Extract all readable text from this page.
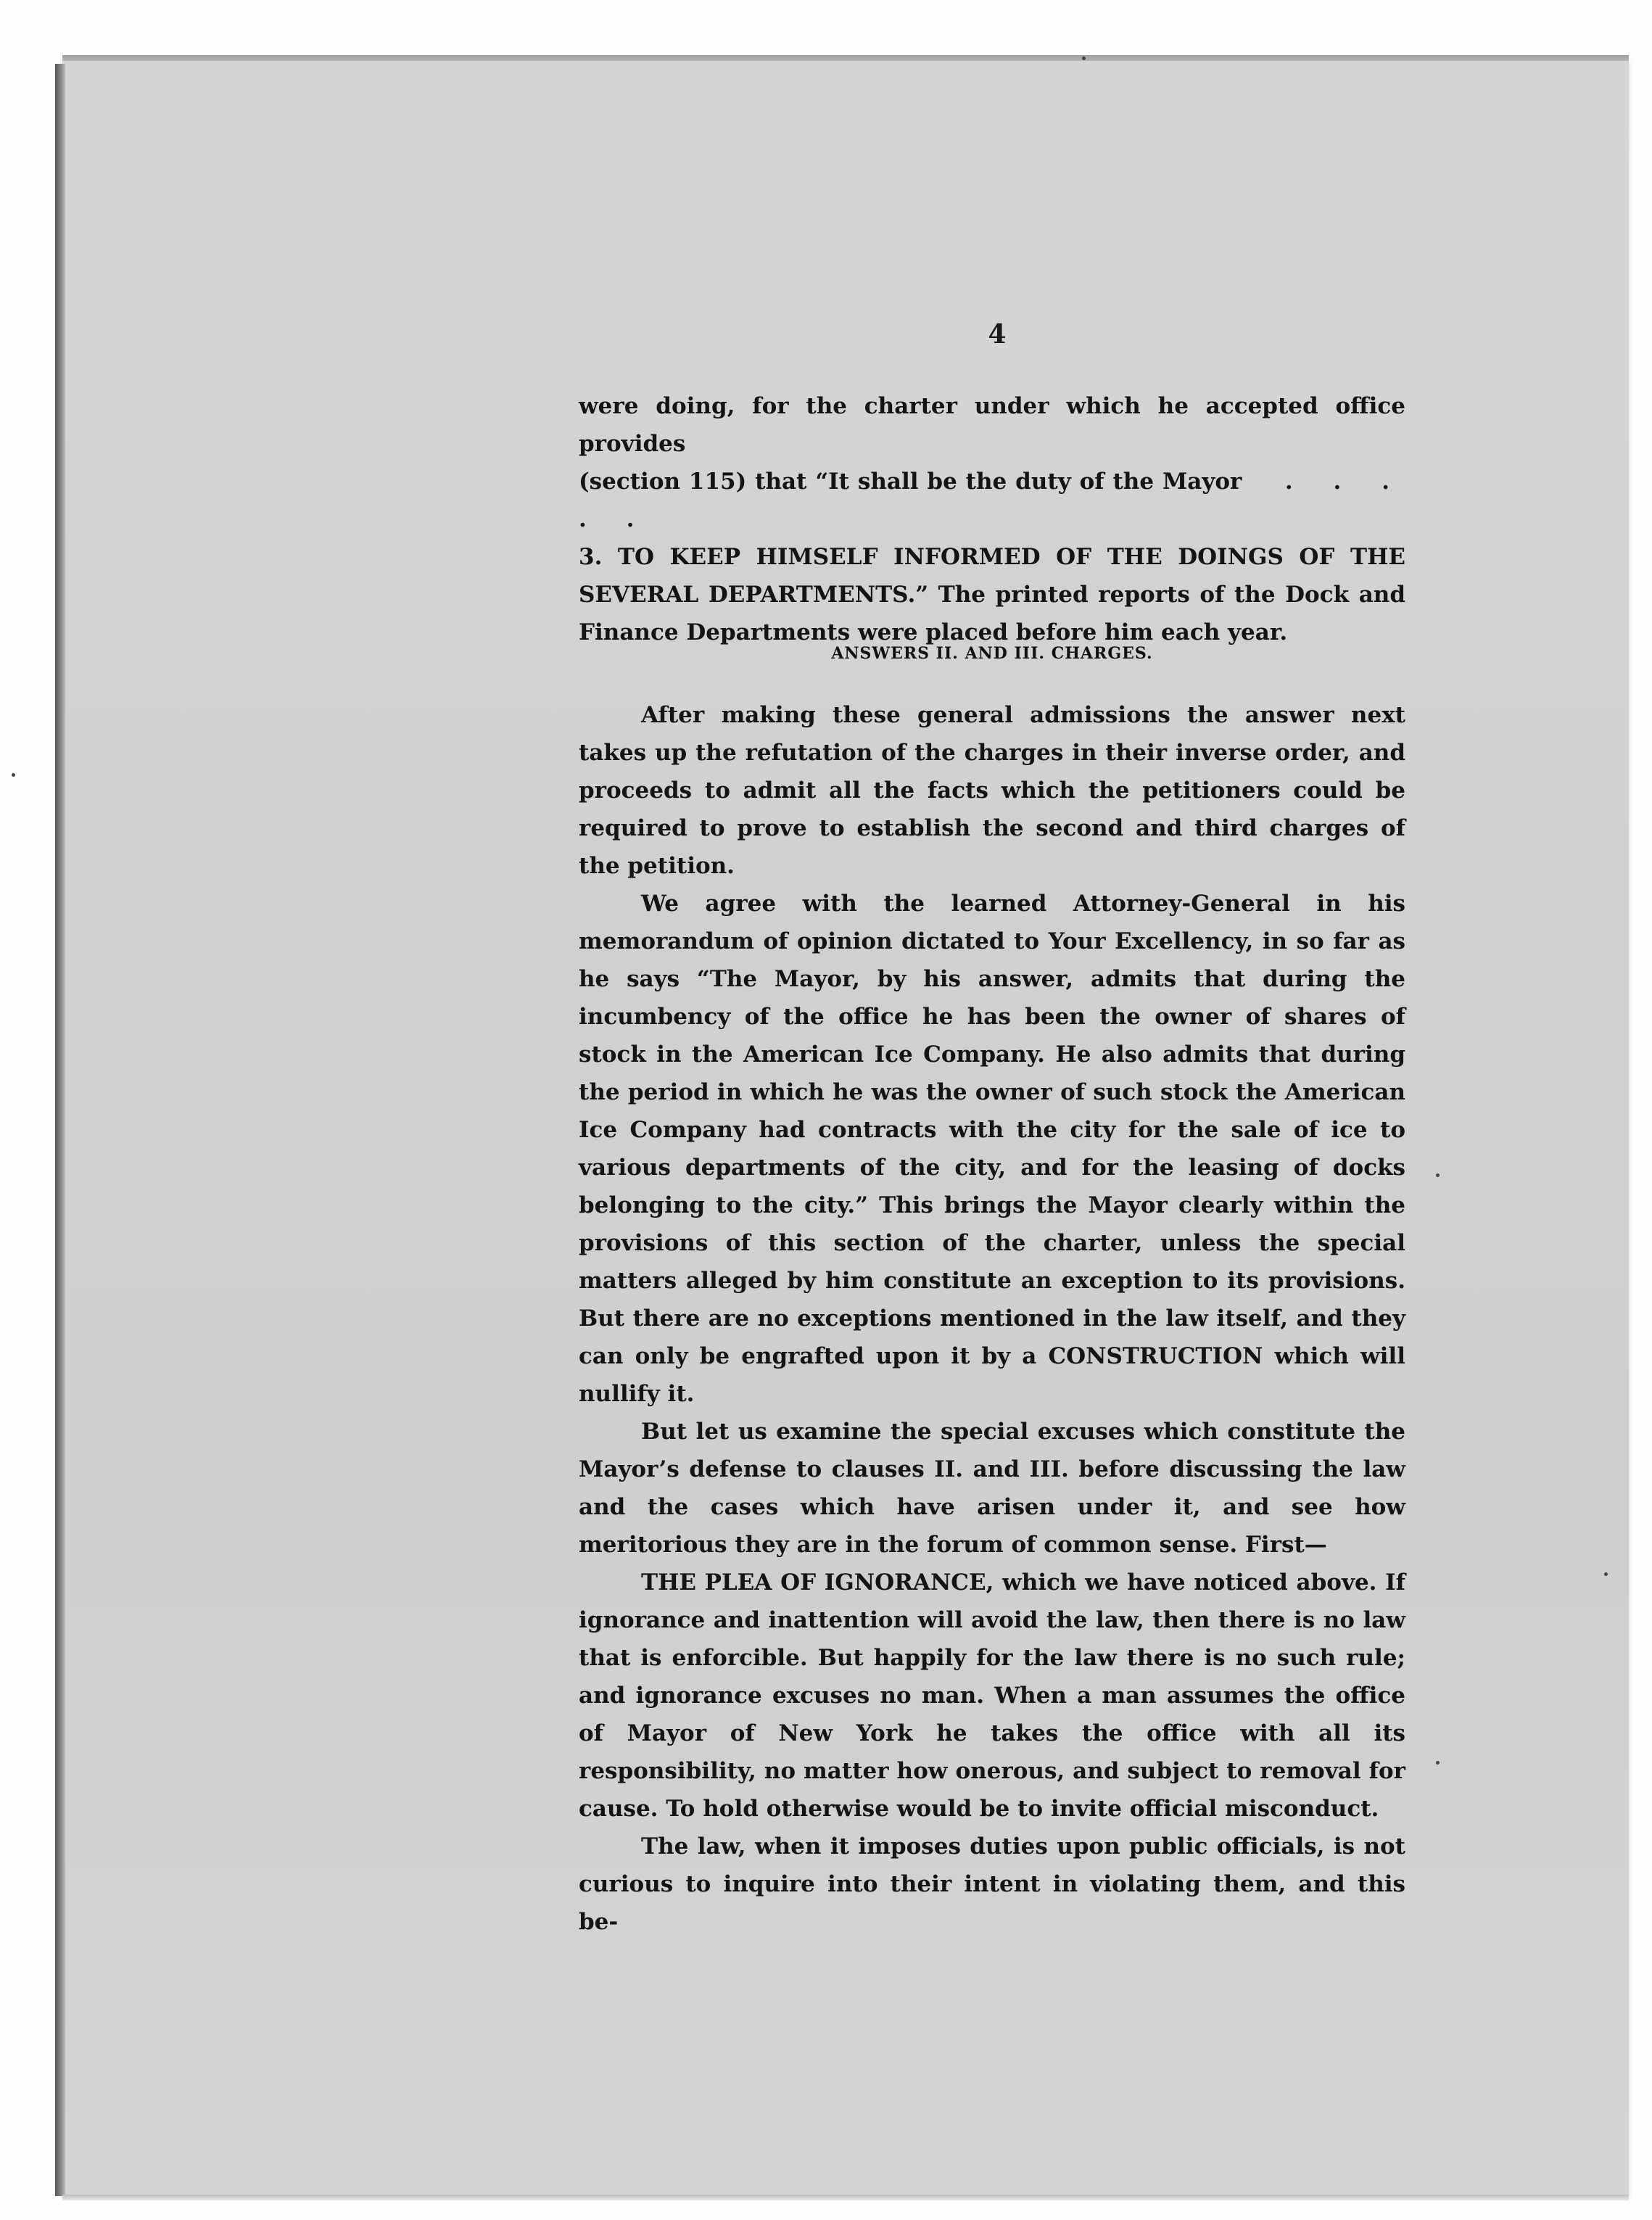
4

were doing, for the charter under which he accepted office provides

(section 115) that “It shall be the duty of the Mayor . . . . .

3. TO KEEP HIMSELF INFORMED OF THE DOINGS OF THE SEVERAL DEPARTMENTS.” The printed reports of the Dock and Finance Departments were placed before him each year.

ANSWERS II. AND III. CHARGES.

After making these general admissions the answer next takes up the refutation of the charges in their inverse order, and proceeds to admit all the facts which the petitioners could be required to prove to establish the second and third charges of the petition.

We agree with the learned Attorney-General in his memorandum of opinion dictated to Your Excellency, in so far as he says “The Mayor, by his answer, admits that during the incumbency of the office he has been the owner of shares of stock in the American Ice Company. He also admits that during the period in which he was the owner of such stock the American Ice Company had contracts with the city for the sale of ice to various departments of the city, and for the leasing of docks belonging to the city.” This brings the Mayor clearly within the provisions of this section of the charter, unless the special matters alleged by him constitute an exception to its provisions. But there are no exceptions mentioned in the law itself, and they can only be engrafted upon it by a CONSTRUCTION which will nullify it.

But let us examine the special excuses which constitute the Mayor’s defense to clauses II. and III. before discussing the law and the cases which have arisen under it, and see how meritorious they are in the forum of common sense. First—

THE PLEA OF IGNORANCE, which we have noticed above. If ignorance and inattention will avoid the law, then there is no law that is enforcible. But happily for the law there is no such rule; and ignorance excuses no man. When a man assumes the office of Mayor of New York he takes the office with all its responsibility, no matter how onerous, and subject to removal for cause. To hold otherwise would be to invite official misconduct.

The law, when it imposes duties upon public officials, is not curious to inquire into their intent in violating them, and this be-
